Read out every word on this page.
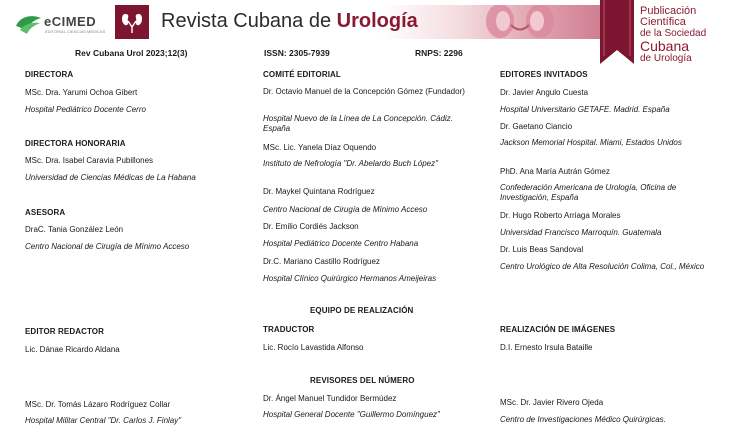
eCIMED
EDITORIAL CIENCIAS MÉDICAS	Revista Cubana de Urología	Publicación
Científica
de la Sociedad
Cubana
de Urología
Rev Cubana Urol 2023;12(3)	ISSN: 2305-7939	RNPS: 2296
DIRECTORA
MSc. Dra. Yarumi Ochoa Gibert
Hospital Pediátrico Docente Cerro
DIRECTORA HONORARIA
MSc. Dra. Isabel Caravia Pubillones
Universidad de Ciencias Médicas de La Habana
ASESORA
DraC. Tania González León
Centro Nacional de Cirugía de Mínimo Acceso
EDITOR REDACTOR
Lic. Dánae Ricardo Aldana
MSc. Dr. Tomás Lázaro Rodríguez Collar
Hospital Militar Central "Dr. Carlos J. Finlay"
COMITÉ EDITORIAL
Dr. Octavio Manuel de la Concepción Gómez (Fundador)
Hospital Nuevo de la Línea de La Concepción. Cádiz. España
MSc. Lic. Yanela Díaz Oquendo
Instituto de Nefrología "Dr. Abelardo Buch López"
Dr. Maykel Quintana Rodríguez
Centro Nacional de Cirugía de Mínimo Acceso
Dr. Emilio Cordiés Jackson
Hospital Pediátrico Docente Centro Habana
Dr.C. Mariano Castillo Rodríguez
Hospital Clínico Quirúrgico Hermanos Ameijeiras
EQUIPO DE REALIZACIÓN
TRADUCTOR
Lic. Rocío Lavastida Alfonso
REVISORES DEL NÚMERO
Dr. Ángel Manuel Tundidor Bermúdez
Hospital General Docente "Guillermo Domínguez"
EDITORES INVITADOS
Dr. Javier Angulo Cuesta
Hospital Universitario GETAFE. Madrid. España
Dr. Gaetano Ciancio
Jackson Memorial Hospital. Miami, Estados Unidos
PhD. Ana María Autrán Gómez
Confederación Americana de Urología, Oficina de Investigación, España
Dr. Hugo Roberto Arriaga Morales
Universidad Francisco Marroquín. Guatemala
Dr. Luis Beas Sandoval
Centro Urológico de Alta Resolución Colima, Col., México
REALIZACIÓN DE IMÁGENES
D.I. Ernesto Irsula Bataille
MSc. Dr. Javier Rivero Ojeda
Centro de Investigaciones Médico Quirúrgicas.
